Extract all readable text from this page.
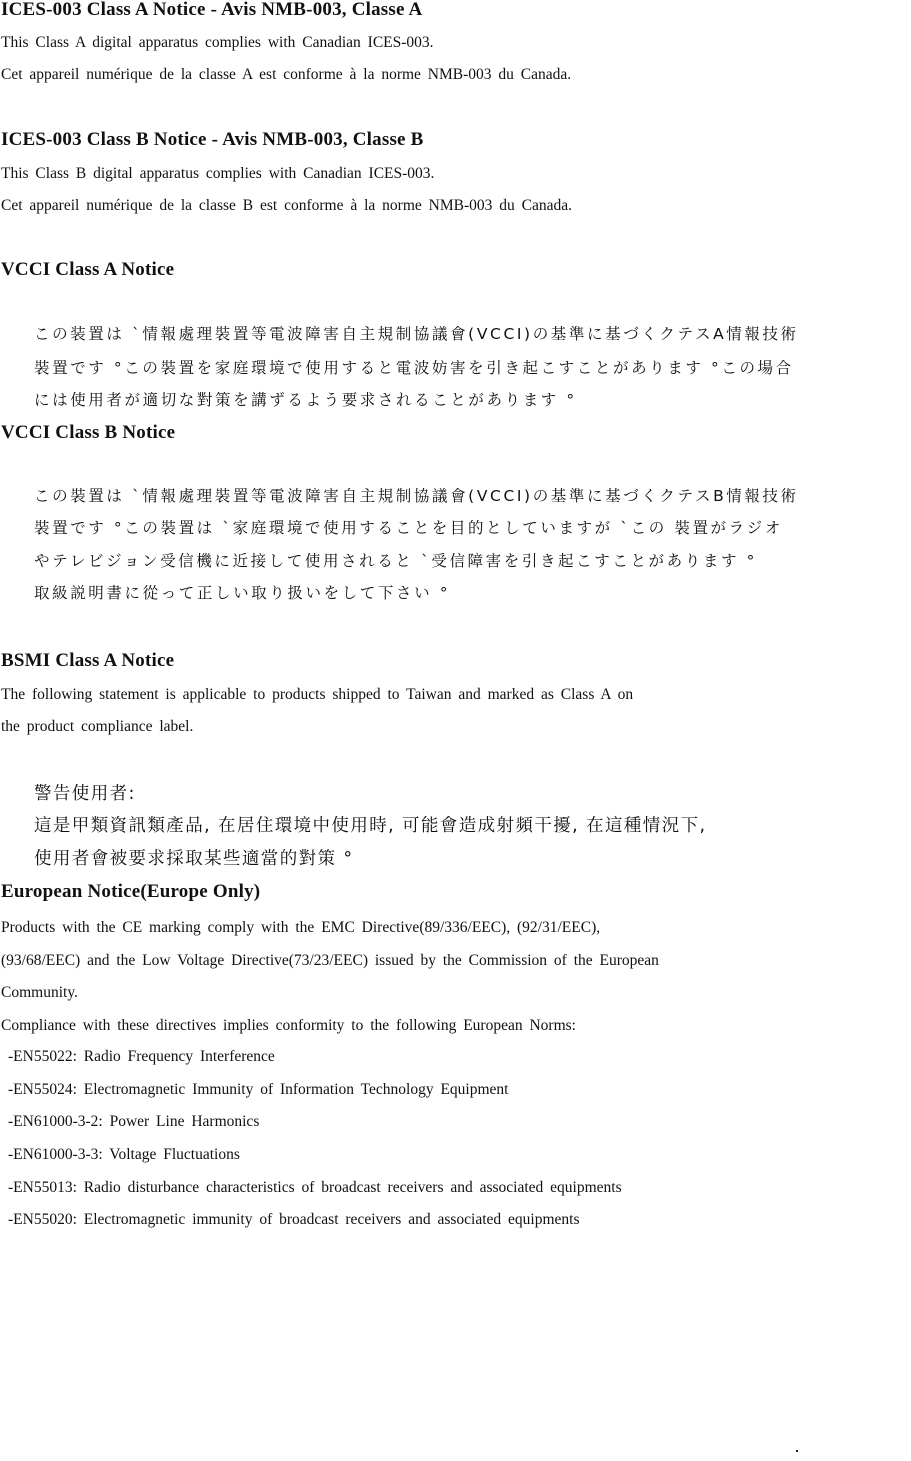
ICES-003 Class A Notice - Avis NMB-003, Classe A
This Class A digital apparatus complies with Canadian ICES-003.
Cet appareil numérique de la classe A est conforme à la norme NMB-003 du Canada.
ICES-003 Class B Notice - Avis NMB-003, Classe B
This Class B digital apparatus complies with Canadian ICES-003.
Cet appareil numérique de la classe B est conforme à la norme NMB-003 du Canada.
VCCI Class A Notice
この装置は `情報處理裝置等電波障害自主規制協議會(VCCI)の基準に基づくクテスA情報技術
裝置です °この裝置を家庭環境で使用すると電波妨害を引き起こすことがあります °この場合
には使用者が適切な對策を講ずるよう要求されることがあります °
VCCI Class B Notice
この裝置は `情報處理裝置等電波障害自主規制協議會(VCCI)の基準に基づくクテスB情報技術
裝置です °この裝置は `家庭環境で使用することを目的としていますが `この 裝置がラジオ
やテレビジョン受信機に近接して使用されると `受信障害を引き起こすことがあります °
取級説明書に從って正しい取り扱いをして下さい °
BSMI Class A Notice
The following statement is applicable to products shipped to Taiwan and marked as Class A on
the product compliance label.
警告使用者:
這是甲類資訊類產品, 在居住環境中使用時, 可能會造成射頻干擾, 在這種情況下,
使用者會被要求採取某些適當的對策 °
European Notice(Europe Only)
Products with the CE marking comply with the EMC Directive(89/336/EEC), (92/31/EEC),
(93/68/EEC) and the Low Voltage Directive(73/23/EEC) issued by the Commission of the European
Community.
Compliance with these directives implies conformity to the following European Norms:
-EN55022: Radio Frequency Interference
-EN55024: Electromagnetic Immunity of Information Technology Equipment
-EN61000-3-2: Power Line Harmonics
-EN61000-3-3: Voltage Fluctuations
-EN55013: Radio disturbance characteristics of broadcast receivers and associated equipments
-EN55020: Electromagnetic immunity of broadcast receivers and associated equipments
